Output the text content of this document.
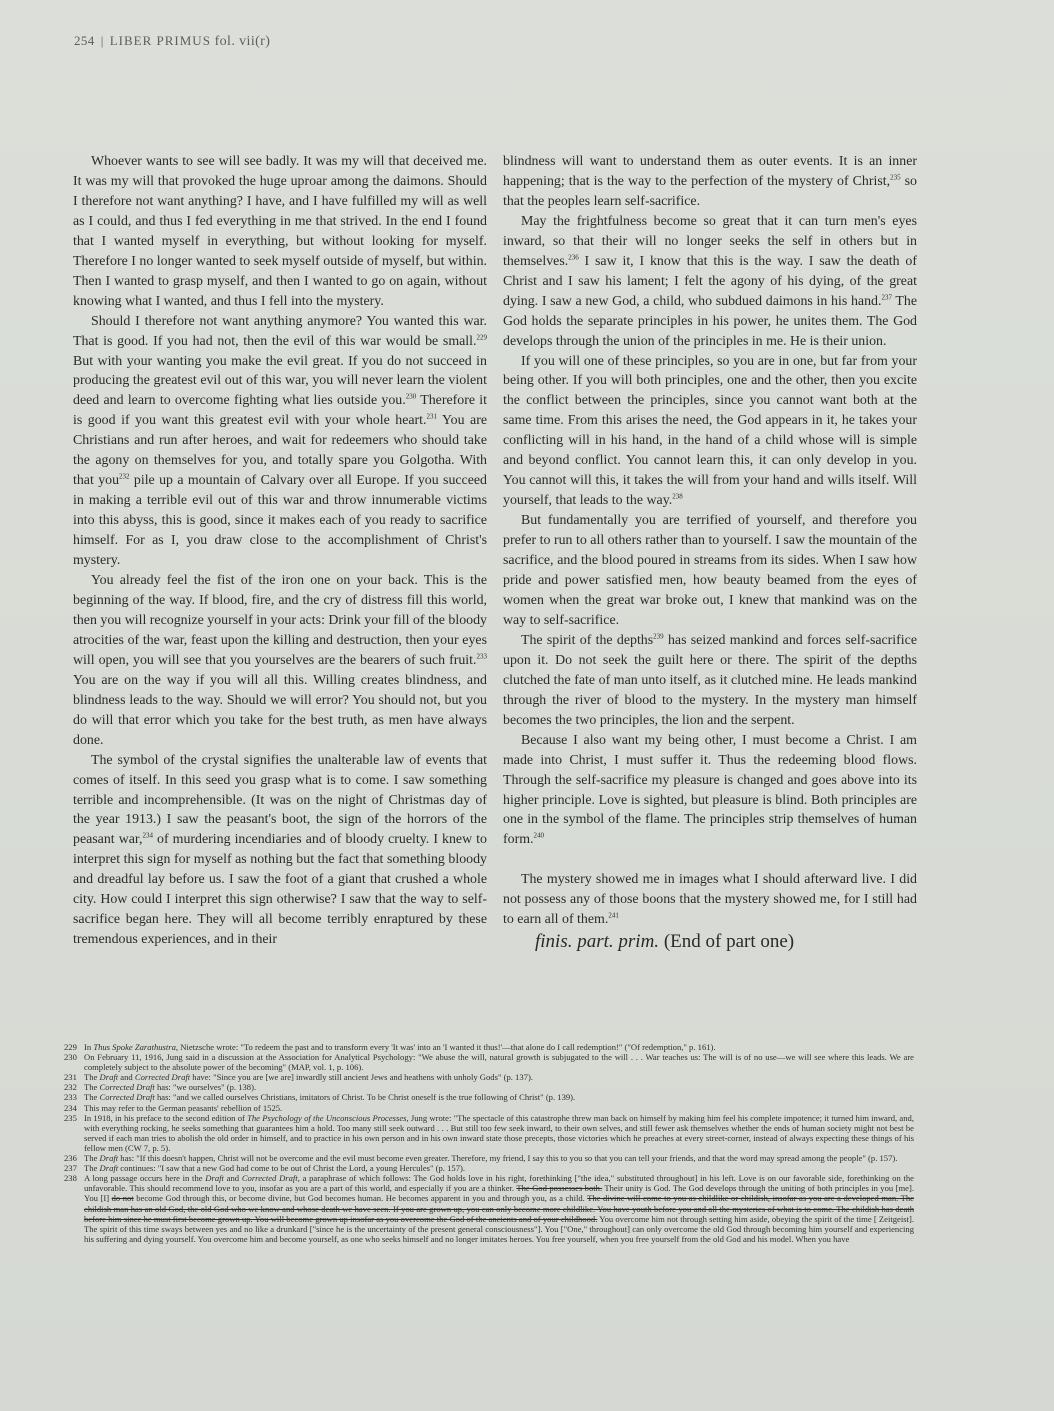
254 | LIBER PRIMUS fol. vii(r)

Whoever wants to see will see badly. It was my will that deceived me. It was my will that provoked the huge uproar among the daimons. Should I therefore not want anything? I have, and I have fulfilled my will as well as I could, and thus I fed everything in me that strived. In the end I found that I wanted myself in everything, but without looking for myself. Therefore I no longer wanted to seek myself outside of myself, but within. Then I wanted to grasp myself, and then I wanted to go on again, without knowing what I wanted, and thus I fell into the mystery.

Should I therefore not want anything anymore? You wanted this war. That is good. If you had not, then the evil of this war would be small.$^{229}$ But with your wanting you make the evil great. If you do not succeed in producing the greatest evil out of this war, you will never learn the violent deed and learn to overcome fighting what lies outside you.$^{230}$ Therefore it is good if you want this greatest evil with your whole heart.$^{231}$ You are Christians and run after heroes, and wait for redeemers who should take the agony on themselves for you, and totally spare you Golgotha. With that you$^{232}$ pile up a mountain of Calvary over all Europe. If you succeed in making a terrible evil out of this war and throw innumerable victims into this abyss, this is good, since it makes each of you ready to sacrifice himself. For as I, you draw close to the accomplishment of Christ's mystery.

You already feel the fist of the iron one on your back. This is the beginning of the way. If blood, fire, and the cry of distress fill this world, then you will recognize yourself in your acts: Drink your fill of the bloody atrocities of the war, feast upon the killing and destruction, then your eyes will open, you will see that you yourselves are the bearers of such fruit.$^{233}$ You are on the way if you will all this. Willing creates blindness, and blindness leads to the way. Should we will error? You should not, but you do will that error which you take for the best truth, as men have always done.

The symbol of the crystal signifies the unalterable law of events that comes of itself. In this seed you grasp what is to come. I saw something terrible and incomprehensible. (It was on the night of Christmas day of the year 1913.) I saw the peasant's boot, the sign of the horrors of the peasant war,$^{234}$ of murdering incendiaries and of bloody cruelty. I knew to interpret this sign for myself as nothing but the fact that something bloody and dreadful lay before us. I saw the foot of a giant that crushed a whole city. How could I interpret this sign otherwise? I saw that the way to self-sacrifice began here. They will all become terribly enraptured by these tremendous experiences, and in their

blindness will want to understand them as outer events. It is an inner happening; that is the way to the perfection of the mystery of Christ,$^{235}$ so that the peoples learn self-sacrifice.

May the frightfulness become so great that it can turn men's eyes inward, so that their will no longer seeks the self in others but in themselves.$^{236}$ I saw it, I know that this is the way. I saw the death of Christ and I saw his lament; I felt the agony of his dying, of the great dying. I saw a new God, a child, who subdued daimons in his hand.$^{237}$ The God holds the separate principles in his power, he unites them. The God develops through the union of the principles in me. He is their union.

If you will one of these principles, so you are in one, but far from your being other. If you will both principles, one and the other, then you excite the conflict between the principles, since you cannot want both at the same time. From this arises the need, the God appears in it, he takes your conflicting will in his hand, in the hand of a child whose will is simple and beyond conflict. You cannot learn this, it can only develop in you. You cannot will this, it takes the will from your hand and wills itself. Will yourself, that leads to the way.$^{238}$

But fundamentally you are terrified of yourself, and therefore you prefer to run to all others rather than to yourself. I saw the mountain of the sacrifice, and the blood poured in streams from its sides. When I saw how pride and power satisfied men, how beauty beamed from the eyes of women when the great war broke out, I knew that mankind was on the way to self-sacrifice.

The spirit of the depths$^{239}$ has seized mankind and forces self-sacrifice upon it. Do not seek the guilt here or there. The spirit of the depths clutched the fate of man unto itself, as it clutched mine. He leads mankind through the river of blood to the mystery. In the mystery man himself becomes the two principles, the lion and the serpent.

Because I also want my being other, I must become a Christ. I am made into Christ, I must suffer it. Thus the redeeming blood flows. Through the self-sacrifice my pleasure is changed and goes above into its higher principle. Love is sighted, but pleasure is blind. Both principles are one in the symbol of the flame. The principles strip themselves of human form.$^{240}$

The mystery showed me in images what I should afterward live. I did not possess any of those boons that the mystery showed me, for I still had to earn all of them.$^{241}$

finis. part. prim. (End of part one)

229 In Thus Spoke Zarathustra, Nietzsche wrote: "To redeem the past and to transform every 'It was' into an 'I wanted it thus!'—that alone do I call redemption!" ("Of redemption," p. 161).

230 On February 11, 1916, Jung said in a discussion at the Association for Analytical Psychology: "We abuse the will, natural growth is subjugated to the will . . . War teaches us: The will is of no use—we will see where this leads. We are completely subject to the absolute power of the becoming" (MAP, vol. 1, p. 106).

231 The Draft and Corrected Draft have: "Since you are [we are] inwardly still ancient Jews and heathens with unholy Gods" (p. 137).

232 The Corrected Draft has: "we ourselves" (p. 138).

233 The Corrected Draft has: "and we called ourselves Christians, imitators of Christ. To be Christ oneself is the true following of Christ" (p. 139).

234 This may refer to the German peasants' rebellion of 1525.

235 In 1918, in his preface to the second edition of The Psychology of the Unconscious Processes, Jung wrote: "The spectacle of this catastrophe threw man back on himself by making him feel his complete impotence; it turned him inward, and, with everything rocking, he seeks something that guarantees him a hold. Too many still seek outward . . . But still too few seek inward, to their own selves, and still fewer ask themselves whether the ends of human society might not best be served if each man tries to abolish the old order in himself, and to practice in his own person and in his own inward state those precepts, those victories which he preaches at every street-corner, instead of always expecting these things of his fellow men (CW 7, p. 5).

236 The Draft has: "If this doesn't happen, Christ will not be overcome and the evil must become even greater. Therefore, my friend, I say this to you so that you can tell your friends, and that the word may spread among the people" (p. 157).

237 The Draft continues: "I saw that a new God had come to be out of Christ the Lord, a young Hercules" (p. 157).

238 A long passage occurs here in the Draft and Corrected Draft, a paraphrase of which follows: The God holds love in his right, forethinking ["the idea," substituted throughout] in his left. Love is on our favorable side, forethinking on the unfavorable. This should recommend love to you, insofar as you are a part of this world, and especially if you are a thinker. The God possesses both. Their unity is God. The God develops through the uniting of both principles in you [me]. You [I] do not become God through this, or become divine, but God becomes human. He becomes apparent in you and through you, as a child. The divine will come to you as childlike or childish, insofar as you are a developed man. The childish man has an old God, the old God who we know and whose death we have seen. If you are grown up, you can only become more childlike. You have youth before you and all the mysteries of what is to come. The childish has death before him since he must first become grown up. You will become grown up insofar as you overcome the God of the ancients and of your childhood. You overcome him not through setting him aside, obeying the spirit of the time [ Zeitgeist]. The spirit of this time sways between yes and no like a drunkard ["since he is the uncertainty of the present general consciousness"]. You ["One," throughout] can only overcome the old God through becoming him yourself and experiencing his suffering and dying yourself. You overcome him and become yourself, as one who seeks himself and no longer imitates heroes. You free yourself, when you free yourself from the old God and his model. When you have
